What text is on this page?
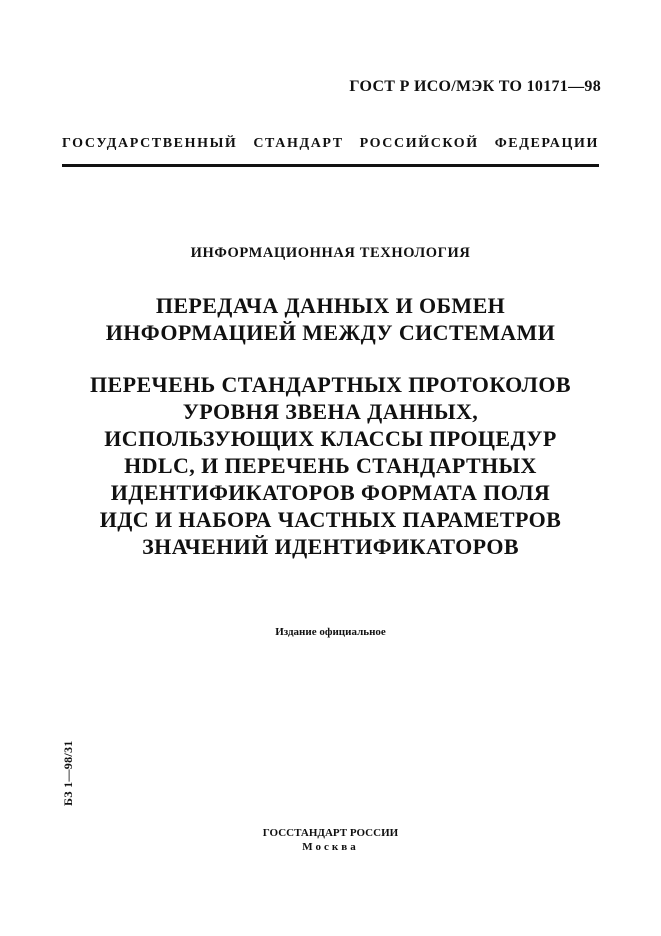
ГОСТ Р ИСО/МЭК ТО 10171—98
ГОСУДАРСТВЕННЫЙ СТАНДАРТ РОССИЙСКОЙ ФЕДЕРАЦИИ
ИНФОРМАЦИОННАЯ ТЕХНОЛОГИЯ
ПЕРЕДАЧА ДАННЫХ И ОБМЕН
ИНФОРМАЦИЕЙ МЕЖДУ СИСТЕМАМИ
ПЕРЕЧЕНЬ СТАНДАРТНЫХ ПРОТОКОЛОВ
УРОВНЯ ЗВЕНА ДАННЫХ,
ИСПОЛЬЗУЮЩИХ КЛАССЫ ПРОЦЕДУР
HDLC, И ПЕРЕЧЕНЬ СТАНДАРТНЫХ
ИДЕНТИФИКАТОРОВ ФОРМАТА ПОЛЯ
ИДС И НАБОРА ЧАСТНЫХ ПАРАМЕТРОВ
ЗНАЧЕНИЙ ИДЕНТИФИКАТОРОВ
Издание официальное
БЗ 1—98/31
ГОССТАНДАРТ РОССИИ
Москва
